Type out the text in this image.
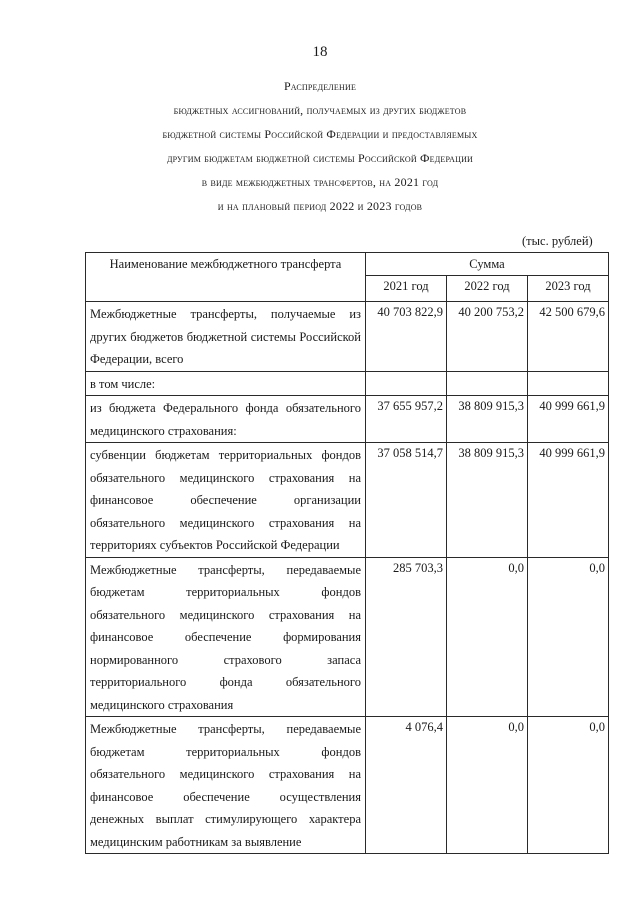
18
Распределение
бюджетных ассигнований, получаемых из других бюджетов
бюджетной системы Российской Федерации и предоставляемых
другим бюджетам бюджетной системы Российской Федерации
в виде межбюджетных трансфертов, на 2021 год
и на плановый период 2022 и 2023 годов
(тыс. рублей)
Наименование межбюджетного трансферта	Сумма		
	2021 год	2022 год	2023 год
Межбюджетные трансферты, получаемые из других бюджетов бюджетной системы Российской Федерации, всего	40 703 822,9	40 200 753,2	42 500 679,6
в том числе:			
из бюджета Федерального фонда обязательного медицинского страхования:	37 655 957,2	38 809 915,3	40 999 661,9
субвенции бюджетам территориальных фондов обязательного медицинского страхования на финансовое обеспечение организации обязательного медицинского страхования на территориях субъектов Российской Федерации	37 058 514,7	38 809 915,3	40 999 661,9
Межбюджетные трансферты, передаваемые бюджетам территориальных фондов обязательного медицинского страхования на финансовое обеспечение формирования нормированного страхового запаса территориального фонда обязательного медицинского страхования	285 703,3	0,0	0,0
Межбюджетные трансферты, передаваемые бюджетам территориальных фондов обязательного медицинского страхования на финансовое обеспечение осуществления денежных выплат стимулирующего характера медицинским работникам за выявление	4 076,4	0,0	0,0
